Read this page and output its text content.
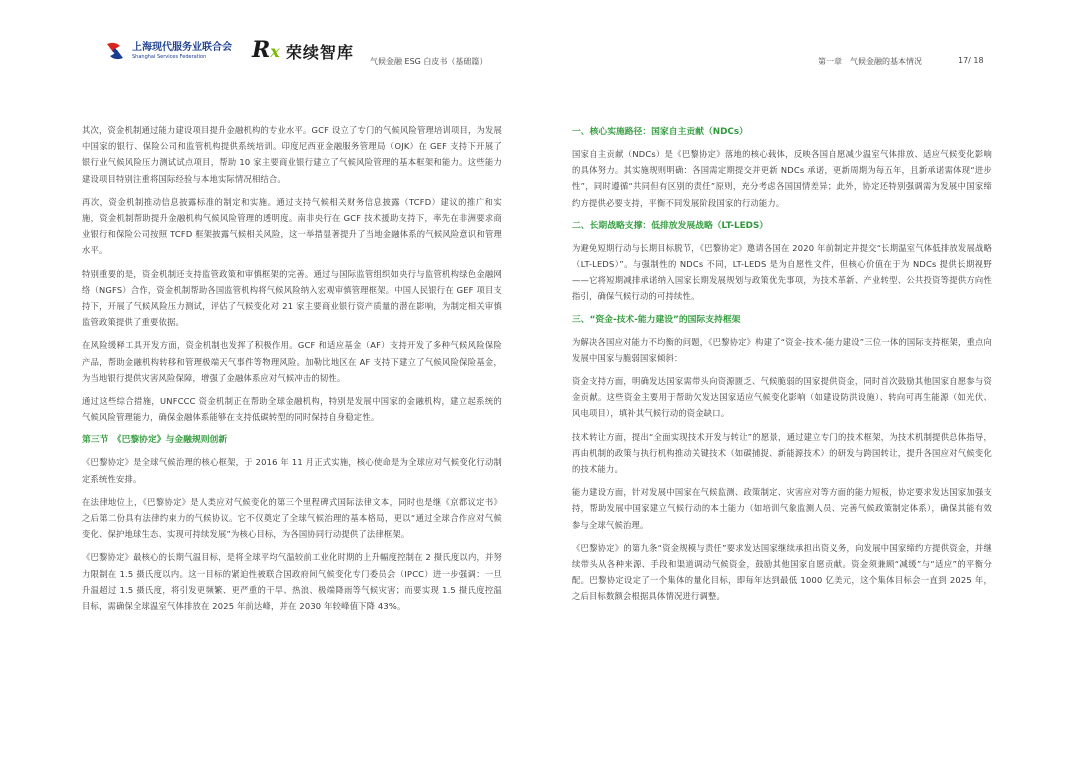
上海现代服务业联合会
Shanghai Services Federation	Rx 荣续智库 气候金融 ESG 白皮书（基础篇）	第一章　气候金融的基本情况	17/ 18

其次，资金机制通过能力建设项目提升金融机构的专业水平。GCF 设立了专门的气候风险管理培训项目，为发展中国家的银行、保险公司和监管机构提供系统培训。印度尼西亚金融服务管理局（OJK）在 GEF 支持下开展了银行业气候风险压力测试试点项目，帮助 10 家主要商业银行建立了气候风险管理的基本框架和能力。这些能力建设项目特别注重将国际经验与本地实际情况相结合。

再次，资金机制推动信息披露标准的制定和实施。通过支持气候相关财务信息披露（TCFD）建议的推广和实施，资金机制帮助提升金融机构气候风险管理的透明度。南非央行在 GCF 技术援助支持下，率先在非洲要求商业银行和保险公司按照 TCFD 框架披露气候相关风险，这一举措显著提升了当地金融体系的气候风险意识和管理水平。

特别重要的是，资金机制还支持监管政策和审慎框架的完善。通过与国际监管组织如央行与监管机构绿色金融网络（NGFS）合作，资金机制帮助各国监管机构将气候风险纳入宏观审慎管理框架。中国人民银行在 GEF 项目支持下，开展了气候风险压力测试，评估了气候变化对 21 家主要商业银行资产质量的潜在影响，为制定相关审慎监管政策提供了重要依据。

在风险缓释工具开发方面，资金机制也发挥了积极作用。GCF 和适应基金（AF）支持开发了多种气候风险保险产品，帮助金融机构转移和管理极端天气事件等物理风险。加勒比地区在 AF 支持下建立了气候风险保险基金，为当地银行提供灾害风险保障，增强了金融体系应对气候冲击的韧性。

通过这些综合措施，UNFCCC 资金机制正在帮助全球金融机构，特别是发展中国家的金融机构，建立起系统的气候风险管理能力，确保金融体系能够在支持低碳转型的同时保持自身稳定性。

第三节　《巴黎协定》与金融规则创新

《巴黎协定》是全球气候治理的核心框架，于 2016 年 11 月正式实施，核心使命是为全球应对气候变化行动制定系统性安排。

在法律地位上，《巴黎协定》是人类应对气候变化的第三个里程碑式国际法律文本，同时也是继《京都议定书》之后第二份具有法律约束力的气候协议。它不仅奠定了全球气候治理的基本格局，更以“通过全球合作应对气候变化、保护地球生态、实现可持续发展”为核心目标，为各国协同行动提供了法律框架。

《巴黎协定》最核心的长期气温目标，是将全球平均气温较前工业化时期的上升幅度控制在 2 摄氏度以内，并努力限制在 1.5 摄氏度以内。这一目标的紧迫性被联合国政府间气候变化专门委员会（IPCC）进一步强调：一旦升温超过 1.5 摄氏度，将引发更频繁、更严重的干旱、热浪、极端降雨等气候灾害；而要实现 1.5 摄氏度控温目标，需确保全球温室气体排放在 2025 年前达峰，并在 2030 年较峰值下降 43%。

一、核心实施路径：国家自主贡献（NDCs）

国家自主贡献（NDCs）是《巴黎协定》落地的核心载体，反映各国自愿减少温室气体排放、适应气候变化影响的具体努力。其实施规则明确：各国需定期提交并更新 NDCs 承诺，更新周期为每五年，且新承诺需体现“进步性”，同时遵循“共同但有区别的责任”原则，充分考虑各国国情差异；此外，协定还特别强调需为发展中国家缔约方提供必要支持，平衡不同发展阶段国家的行动能力。

二、长期战略支撑：低排放发展战略（LT-LEDS）

为避免短期行动与长期目标脱节，《巴黎协定》邀请各国在 2020 年前制定并提交“长期温室气体低排放发展战略（LT-LEDS）”。与强制性的 NDCs 不同，LT-LEDS 是为自愿性文件，但核心价值在于为 NDCs 提供长期视野——它将短期减排承诺纳入国家长期发展规划与政策优先事项，为技术革新、产业转型、公共投资等提供方向性指引，确保气候行动的可持续性。

三、“资金-技术-能力建设”的国际支持框架

为解决各国应对能力不均衡的问题，《巴黎协定》构建了“资金-技术-能力建设”三位一体的国际支持框架，重点向发展中国家与脆弱国家倾斜：

资金支持方面，明确发达国家需带头向资源匮乏、气候脆弱的国家提供资金，同时首次鼓励其他国家自愿参与资金贡献。这些资金主要用于帮助欠发达国家适应气候变化影响（如建设防洪设施）、转向可再生能源（如光伏、风电项目），填补其气候行动的资金缺口。

技术转让方面，提出“全面实现技术开发与转让”的愿景，通过建立专门的技术框架，为技术机制提供总体指导，再由机制的政策与执行机构推动关键技术（如碳捕捉、新能源技术）的研发与跨国转让，提升各国应对气候变化的技术能力。

能力建设方面，针对发展中国家在气候监测、政策制定、灾害应对等方面的能力短板，协定要求发达国家加强支持，帮助发展中国家建立气候行动的本土能力（如培训气象监测人员、完善气候政策制定体系），确保其能有效参与全球气候治理。

《巴黎协定》的第九条“资金规模与责任”要求发达国家继续承担出资义务，向发展中国家缔约方提供资金，并继续带头从各种来源、手段和渠道调动气候资金，鼓励其他国家自愿贡献。资金须兼顾“减缓”与“适应”的平衡分配。巴黎协定设定了一个集体的量化目标，即每年达到最低 1000 亿美元，这个集体目标会一直到 2025 年，之后目标数额会根据具体情况进行调整。
